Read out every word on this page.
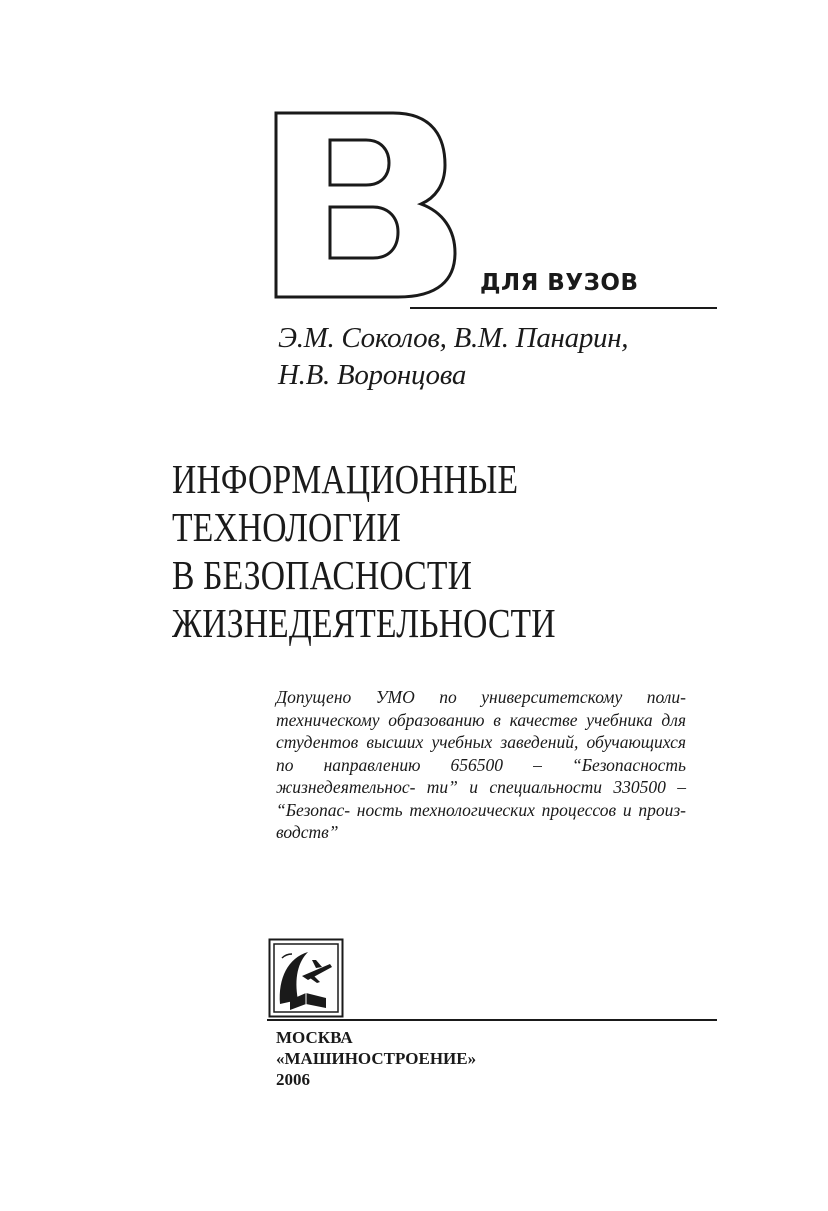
ДЛЯ ВУЗОВ
Э.М. Соколов, В.М. Панарин,
Н.В. Воронцова
ИНФОРМАЦИОННЫЕ
ТЕХНОЛОГИИ
В БЕЗОПАСНОСТИ
ЖИЗНЕДЕЯТЕЛЬНОСТИ
Допущено УМО по университетскому поли- техническому образованию в качестве учебника для студентов высших учебных заведений, обучающихся по направлению 656500 – “Безопасность жизнедеятельнос- ти” и специальности 330500 – “Безопас- ность технологических процессов и произ- водств”
МОСКВА
«МАШИНОСТРОЕНИЕ»
2006
